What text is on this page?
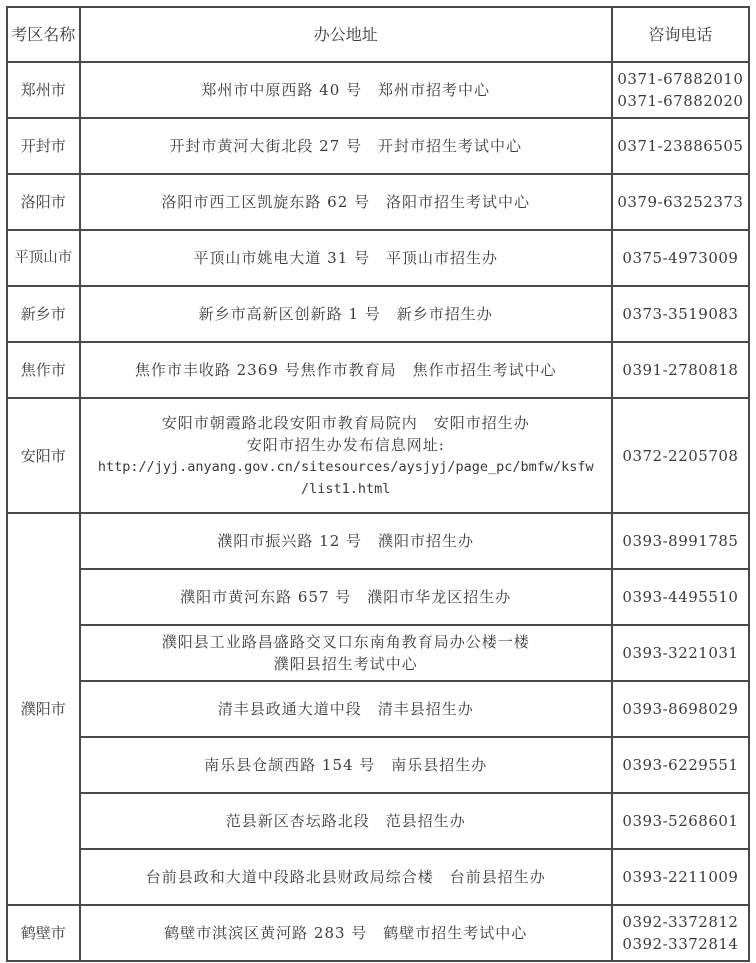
考区名称	办公地址	咨询电话
郑州市	郑州市中原西路 40 号　郑州市招考中心	0371-67882010
0371-67882020

开封市	开封市黄河大街北段 27 号　开封市招生考试中心	0371-23886505

洛阳市	洛阳市西工区凯旋东路 62 号　洛阳市招生考试中心	0379-63252373

平顶山市	平顶山市姚电大道 31 号　平顶山市招生办	0375-4973009

新乡市	新乡市高新区创新路 1 号　新乡市招生办	0373-3519083

焦作市	焦作市丰收路 2369 号焦作市教育局　焦作市招生考试中心	0391-2780818

安阳市	安阳市朝霞路北段安阳市教育局院内　安阳市招生办
安阳市招生办发布信息网址:
http://jyj.anyang.gov.cn/sitesources/aysjyj/page_pc/bmfw/ksfw
/list1.html	0372-2205708

濮阳市	濮阳市振兴路 12 号　濮阳市招生办	0393-8991785

	濮阳市黄河东路 657 号　濮阳市华龙区招生办	0393-4495510

	濮阳县工业路昌盛路交叉口东南角教育局办公楼一楼
濮阳县招生考试中心	0393-3221031

	清丰县政通大道中段　清丰县招生办	0393-8698029

	南乐县仓颉西路 154 号　南乐县招生办	0393-6229551

	范县新区杏坛路北段　范县招生办	0393-5268601

	台前县政和大道中段路北县财政局综合楼　台前县招生办	0393-2211009

鹤壁市	鹤壁市淇滨区黄河路 283 号　鹤壁市招生考试中心	0392-3372812
0392-3372814
